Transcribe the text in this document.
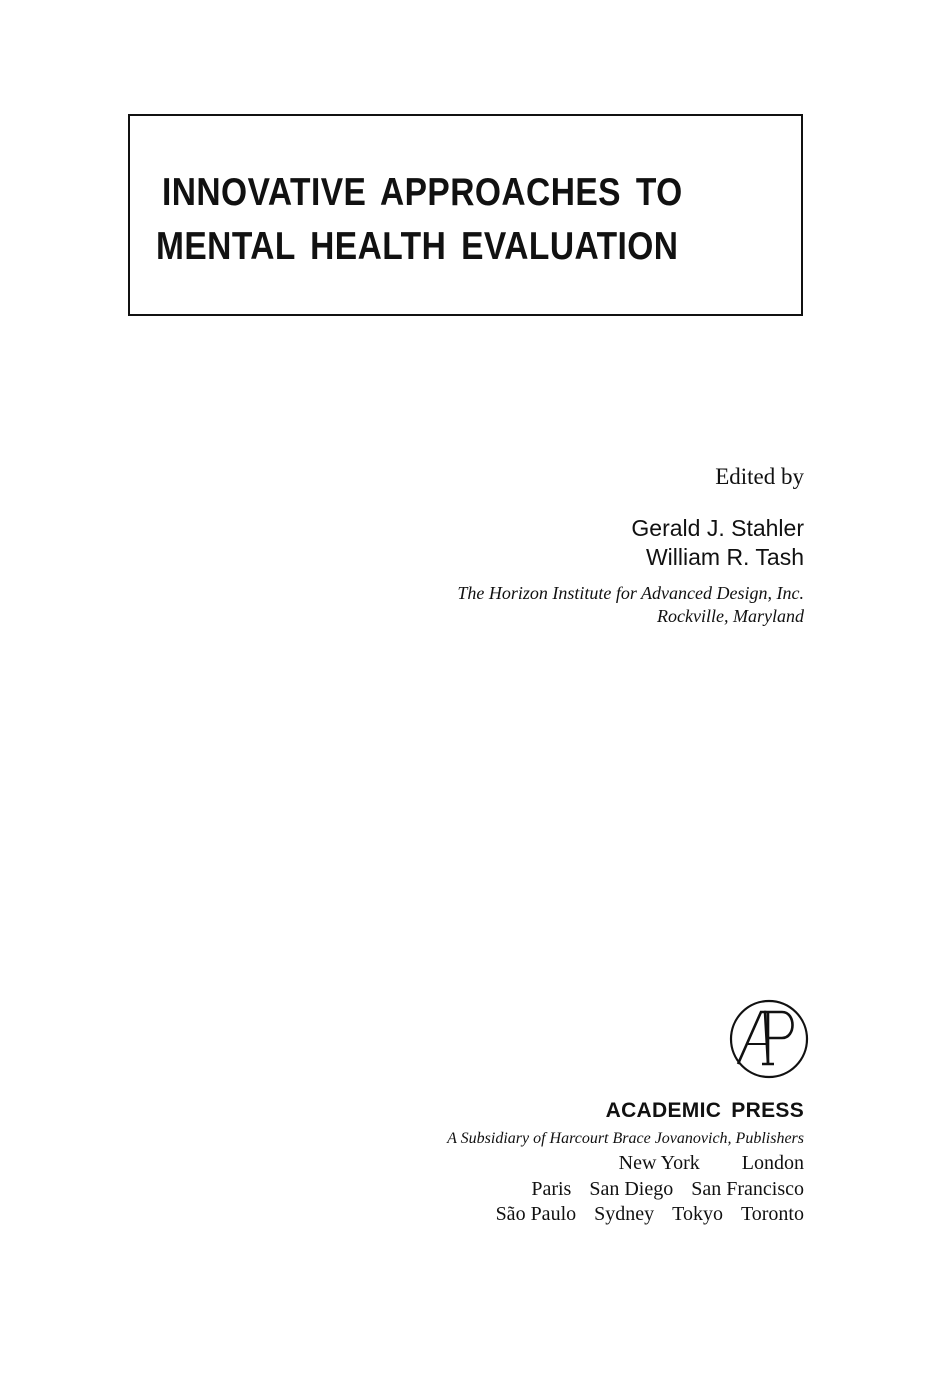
INNOVATIVE APPROACHES TO
MENTAL HEALTH EVALUATION
Edited by
Gerald J. Stahler
William R. Tash
The Horizon Institute for Advanced Design, Inc.
Rockville, Maryland
ACADEMIC PRESS
A Subsidiary of Harcourt Brace Jovanovich, Publishers
New York London
Paris San Diego San Francisco
São Paulo Sydney Tokyo Toronto
